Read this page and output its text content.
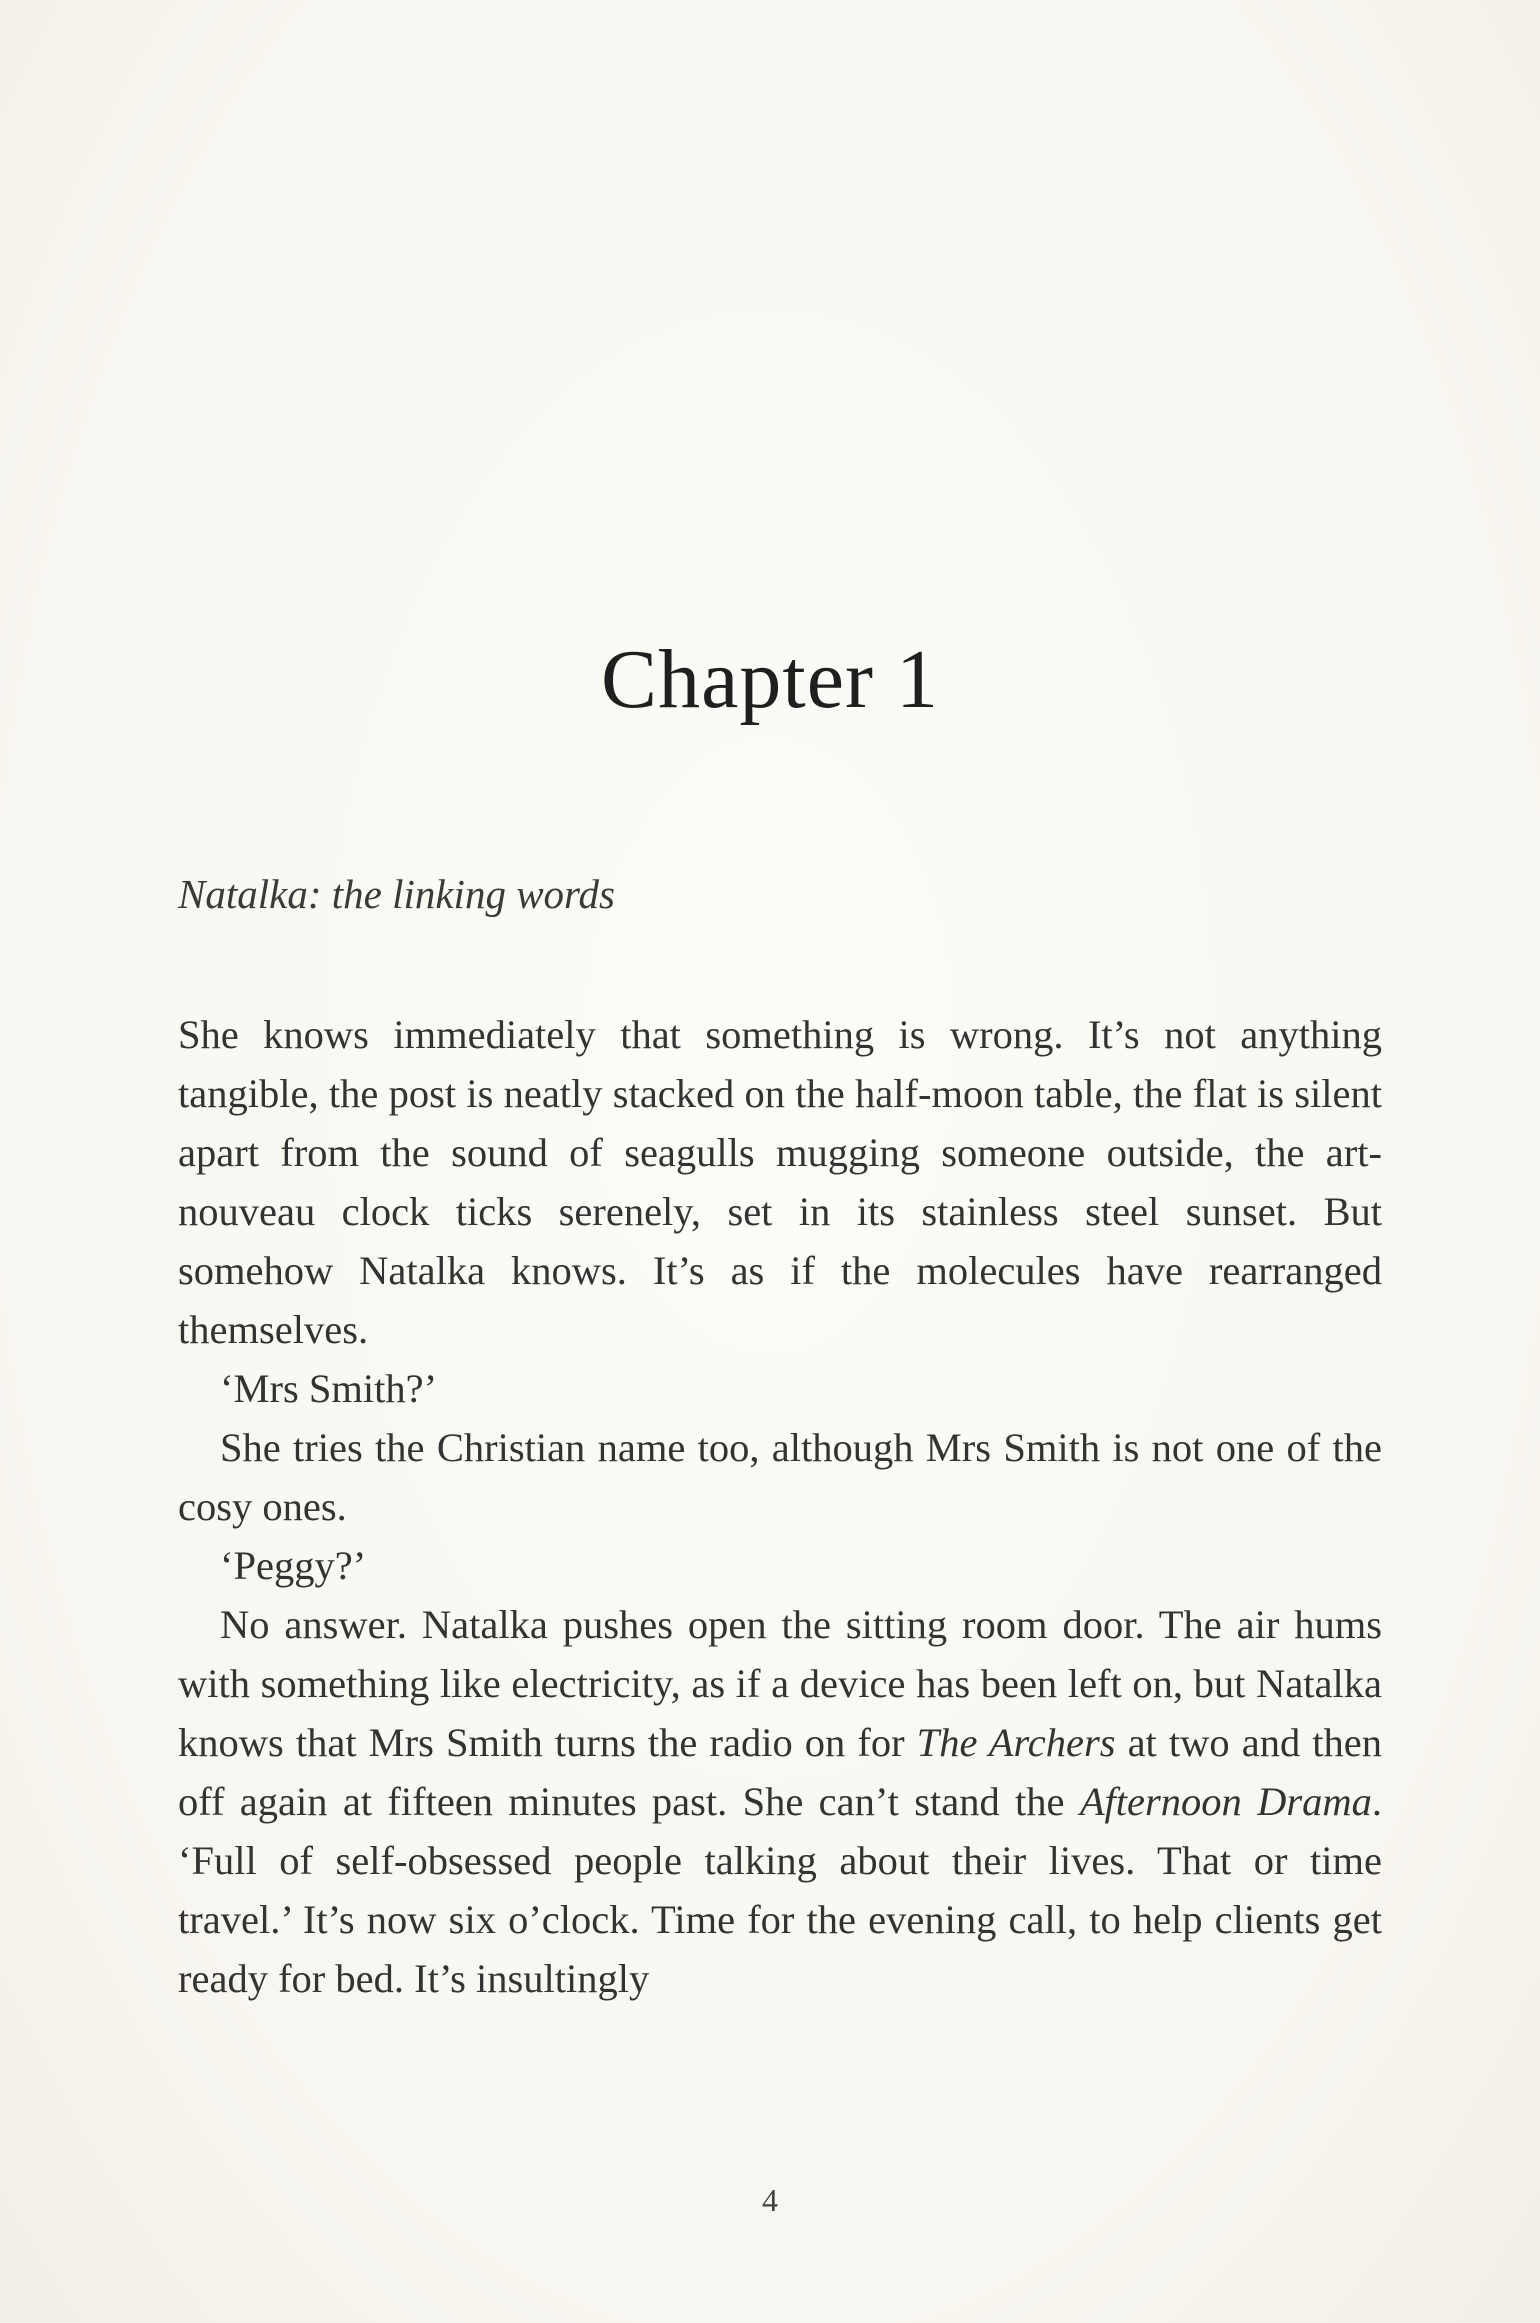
Chapter 1
Natalka: the linking words

She knows immediately that something is wrong. It’s not anything tangible, the post is neatly stacked on the half-moon table, the flat is silent apart from the sound of seagulls mugging someone outside, the art-nouveau clock ticks serenely, set in its stainless steel sunset. But somehow Natalka knows. It’s as if the molecules have rearranged themselves.

‘Mrs Smith?’

She tries the Christian name too, although Mrs Smith is not one of the cosy ones.

‘Peggy?’

No answer. Natalka pushes open the sitting room door. The air hums with something like electricity, as if a device has been left on, but Natalka knows that Mrs Smith turns the radio on for The Archers at two and then off again at fifteen minutes past. She can’t stand the Afternoon Drama. ‘Full of self-obsessed people talking about their lives. That or time travel.’ It’s now six o’clock. Time for the evening call, to help clients get ready for bed. It’s insultingly

4
